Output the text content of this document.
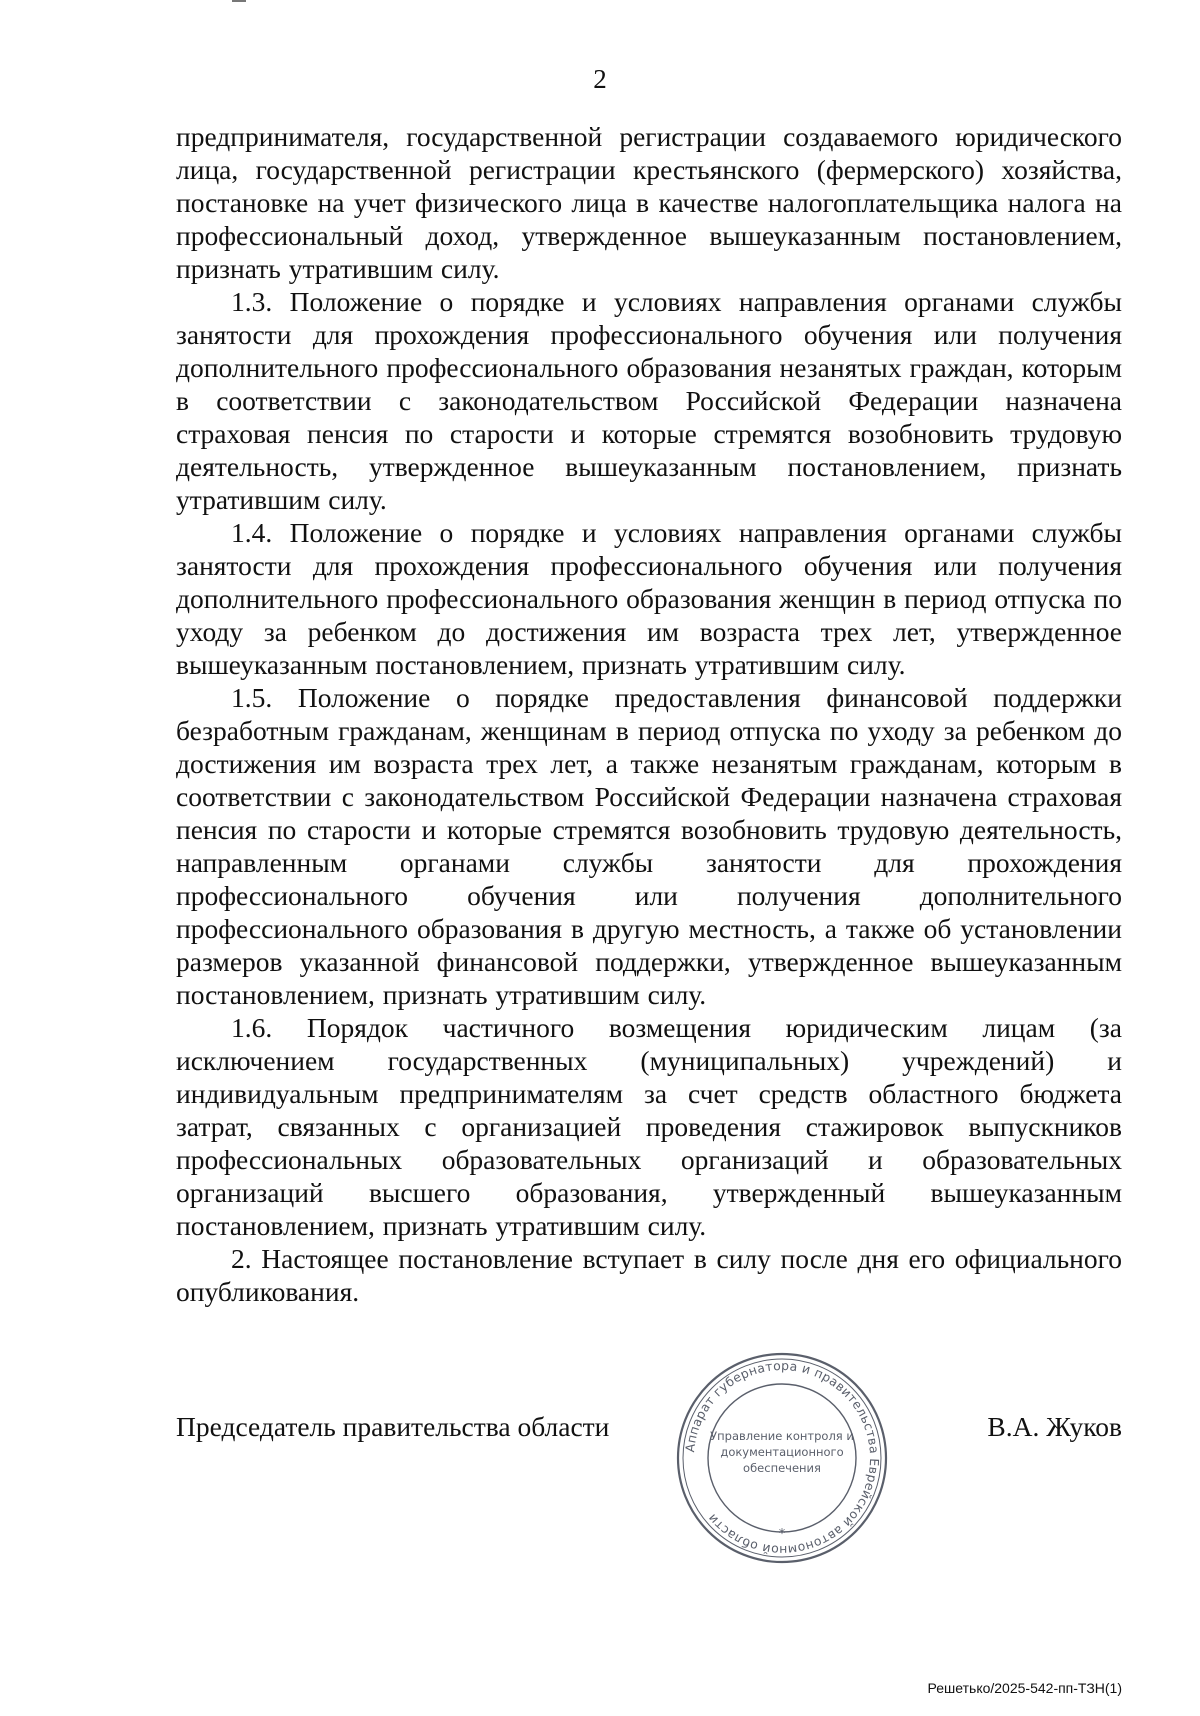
2

предпринимателя, государственной регистрации создаваемого юридического лица, государственной регистрации крестьянского (фермерского) хозяйства, постановке на учет физического лица в качестве налогоплательщика налога на профессиональный доход, утвержденное вышеуказанным постановлением, признать утратившим силу.

1.3. Положение о порядке и условиях направления органами службы занятости для прохождения профессионального обучения или получения дополнительного профессионального образования незанятых граждан, которым в соответствии с законодательством Российской Федерации назначена страховая пенсия по старости и которые стремятся возобновить трудовую деятельность, утвержденное вышеуказанным постановлением, признать утратившим силу.

1.4. Положение о порядке и условиях направления органами службы занятости для прохождения профессионального обучения или получения дополнительного профессионального образования женщин в период отпуска по уходу за ребенком до достижения им возраста трех лет, утвержденное вышеуказанным постановлением, признать утратившим силу.

1.5. Положение о порядке предоставления финансовой поддержки безработным гражданам, женщинам в период отпуска по уходу за ребенком до достижения им возраста трех лет, а также незанятым гражданам, которым в соответствии с законодательством Российской Федерации назначена страховая пенсия по старости и которые стремятся возобновить трудовую деятельность, направленным органами службы занятости для прохождения профессионального обучения или получения дополнительного профессионального образования в другую местность, а также об установлении размеров указанной финансовой поддержки, утвержденное вышеуказанным постановлением, признать утратившим силу.

1.6. Порядок частичного возмещения юридическим лицам (за исключением государственных (муниципальных) учреждений) и индивидуальным предпринимателям за счет средств областного бюджета затрат, связанных с организацией проведения стажировок выпускников профессиональных образовательных организаций и образовательных организаций высшего образования, утвержденный вышеуказанным постановлением, признать утратившим силу.

2. Настоящее постановление вступает в силу после дня его официального опубликования.

Председатель правительства области	В.А. Жуков
Аппарат губернатора и правительства Еврейской автономной области
*
Управление контроля и
документационного
обеспечения
Решетько/2025-542-пп-ТЗН(1)
